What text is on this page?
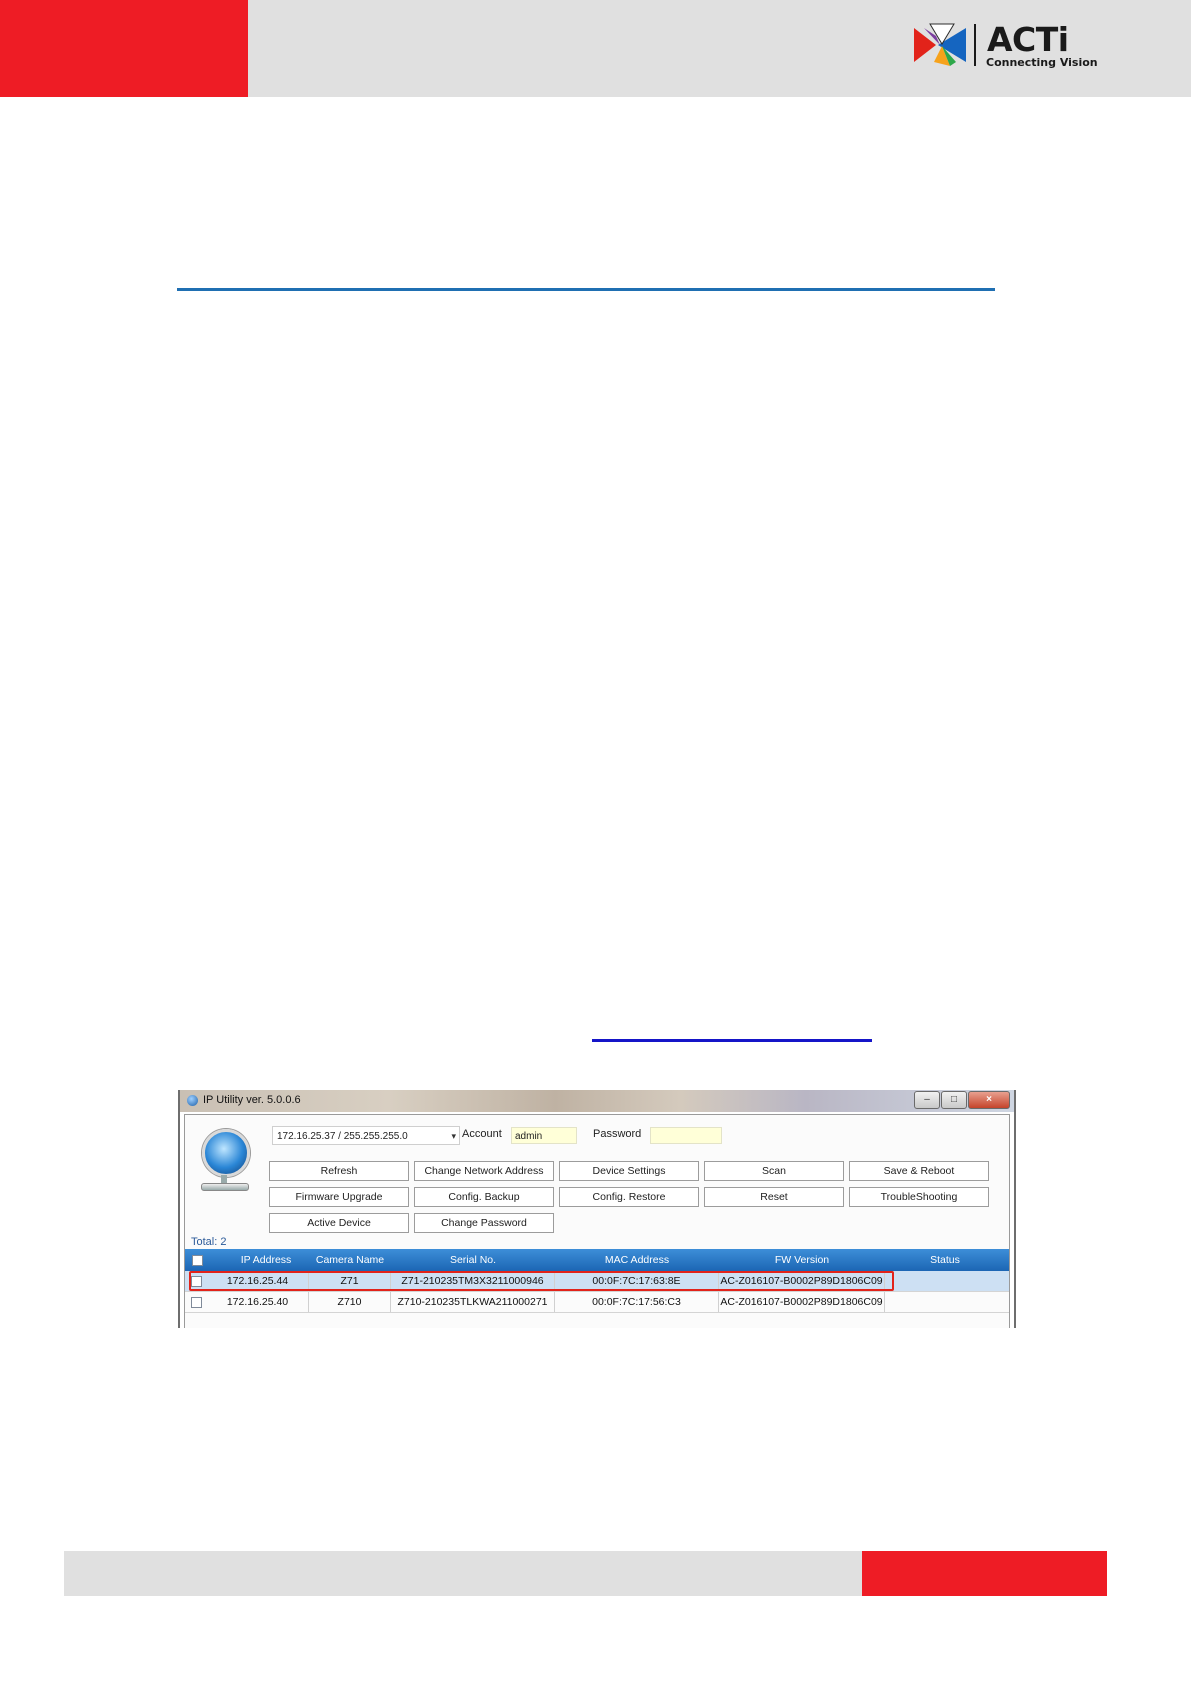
ACTi
Connecting Vision
IP Utility ver. 5.0.0.6	–	□	×
Total: 2
172.16.25.37 / 255.255.255.0	▾ Account	admin	Password
Refresh	Change Network Address	Device Settings	Scan	Save & Reboot
Firmware Upgrade	Config. Backup	Config. Restore	Reset	TroubleShooting
Active Device	Change Password
IP Address	Camera Name	Serial No.	MAC Address	FW Version	Status
172.16.25.44	Z71	Z71-210235TM3X3211000946	00:0F:7C:17:63:8E	AC-Z016107-B0002P89D1806C09
172.16.25.40	Z710	Z710-210235TLKWA211000271	00:0F:7C:17:56:C3	AC-Z016107-B0002P89D1806C09
